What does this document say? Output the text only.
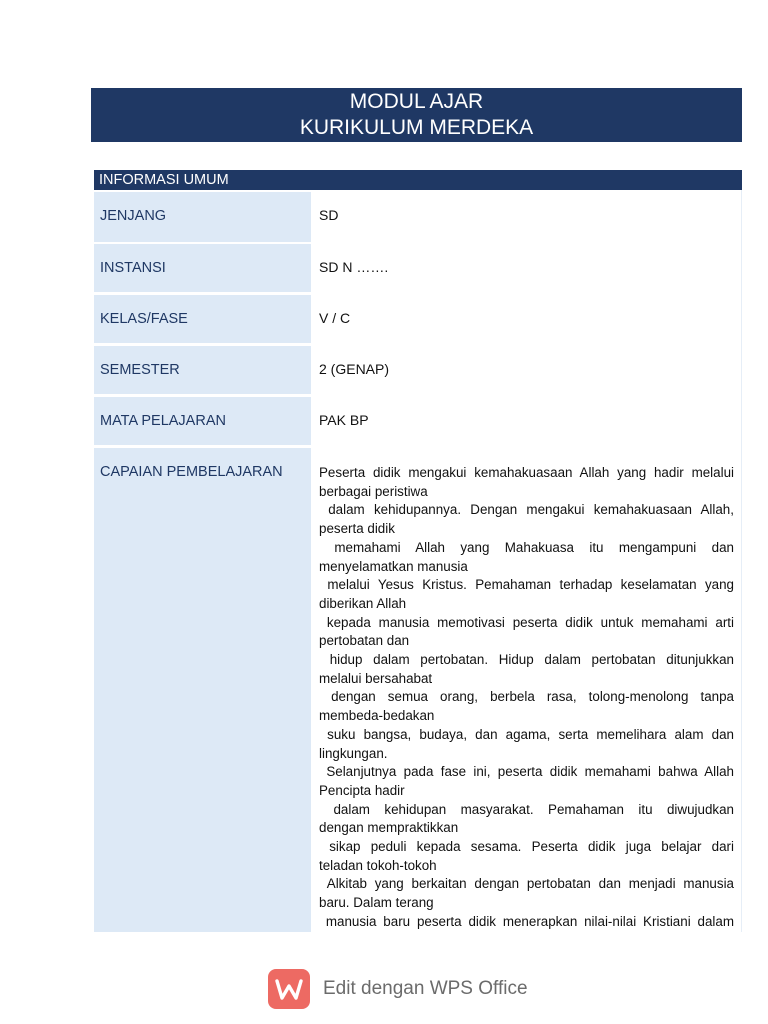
MODUL AJAR
KURIKULUM MERDEKA
INFORMASI UMUM
JENJANG	SD
INSTANSI	SD N …….
KELAS/FASE	V / C
SEMESTER	2 (GENAP)
MATA PELAJARAN	PAK BP
CAPAIAN PEMBELAJARAN	Peserta didik mengakui kemahakuasaan Allah yang hadir melalui
berbagai peristiwa
dalam kehidupannya. Dengan mengakui kemahakuasaan Allah,
peserta didik
memahami Allah yang Mahakuasa itu mengampuni dan
menyelamatkan manusia
melalui Yesus Kristus. Pemahaman terhadap keselamatan yang
diberikan Allah
kepada manusia memotivasi peserta didik untuk memahami arti
pertobatan dan
hidup dalam pertobatan. Hidup dalam pertobatan ditunjukkan
melalui bersahabat
dengan semua orang, berbela rasa, tolong-menolong tanpa
membeda-bedakan
suku bangsa, budaya, dan agama, serta memelihara alam dan
lingkungan.
Selanjutnya pada fase ini, peserta didik memahami bahwa Allah
Pencipta hadir
dalam kehidupan masyarakat. Pemahaman itu diwujudkan
dengan mempraktikkan
sikap peduli kepada sesama. Peserta didik juga belajar dari
teladan tokoh-tokoh
Alkitab yang berkaitan dengan pertobatan dan menjadi manusia
baru. Dalam terang
manusia baru peserta didik menerapkan nilai-nilai Kristiani dalam
Edit dengan WPS Office
